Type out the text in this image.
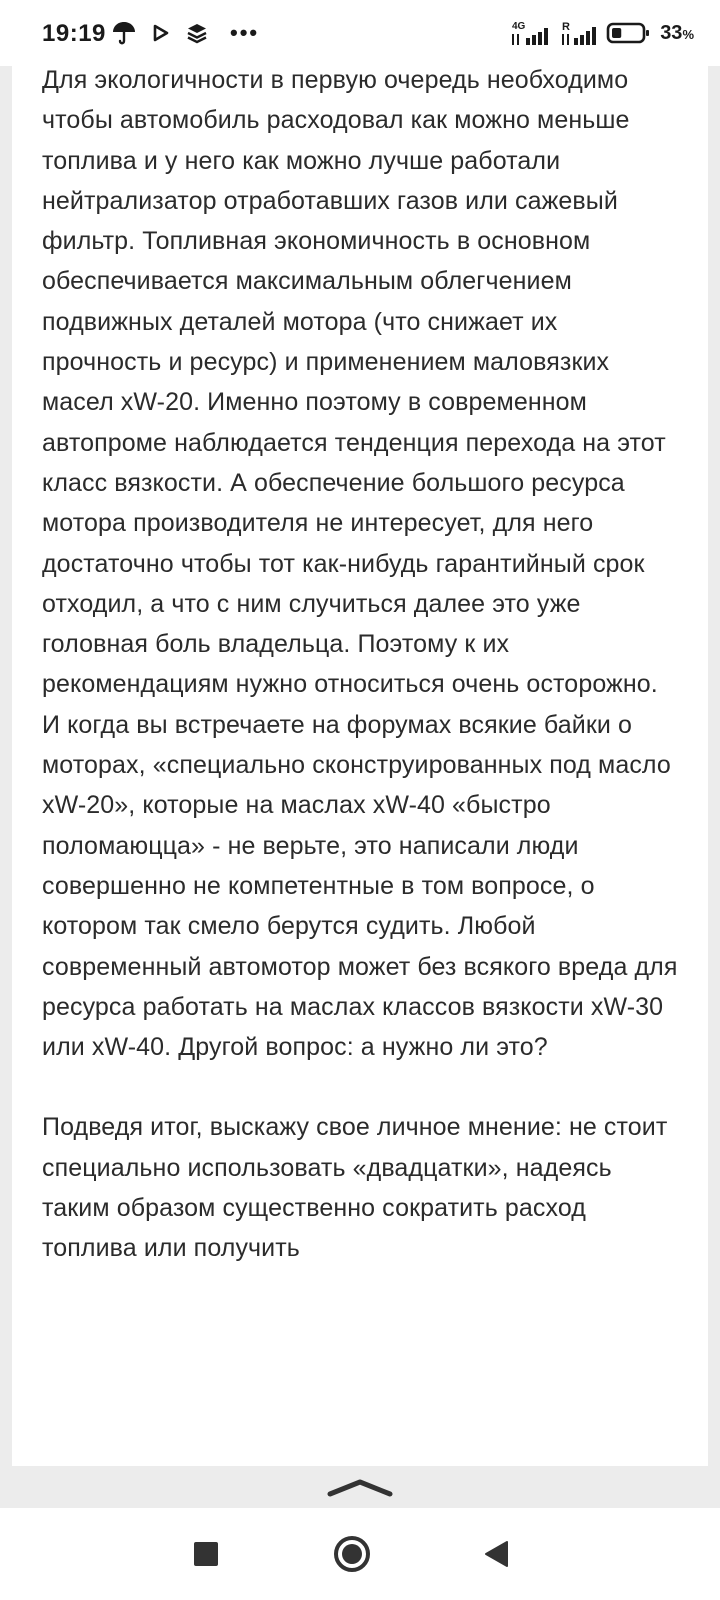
19:19	•••	4G	R	33%

Для экологичности в первую очередь необходимо чтобы автомобиль расходовал как можно меньше топлива и у него как можно лучше работали нейтрализатор отработавших газов или сажевый фильтр. Топливная экономичность в основном обеспечивается максимальным облегчением подвижных деталей мотора (что снижает их прочность и ресурс) и применением маловязких масел xW-20. Именно поэтому в современном автопроме наблюдается тенденция перехода на этот класс вязкости. А обеспечение большого ресурса мотора производителя не интересует, для него достаточно чтобы тот как-нибудь гарантийный срок отходил, а что с ним случиться далее это уже головная боль владельца. Поэтому к их рекомендациям нужно относиться очень осторожно.

И когда вы встречаете на форумах всякие байки о моторах, «специально сконструированных под масло xW-20», которые на маслах xW-40 «быстро поломаюцца» - не верьте, это написали люди совершенно не компетентные в том вопросе, о котором так смело берутся судить. Любой современный автомотор может без всякого вреда для ресурса работать на маслах классов вязкости xW-30 или xW-40. Другой вопрос: а нужно ли это?

Подведя итог, выскажу свое личное мнение: не стоит специально использовать «двадцатки», надеясь таким образом существенно сократить расход топлива или получить
